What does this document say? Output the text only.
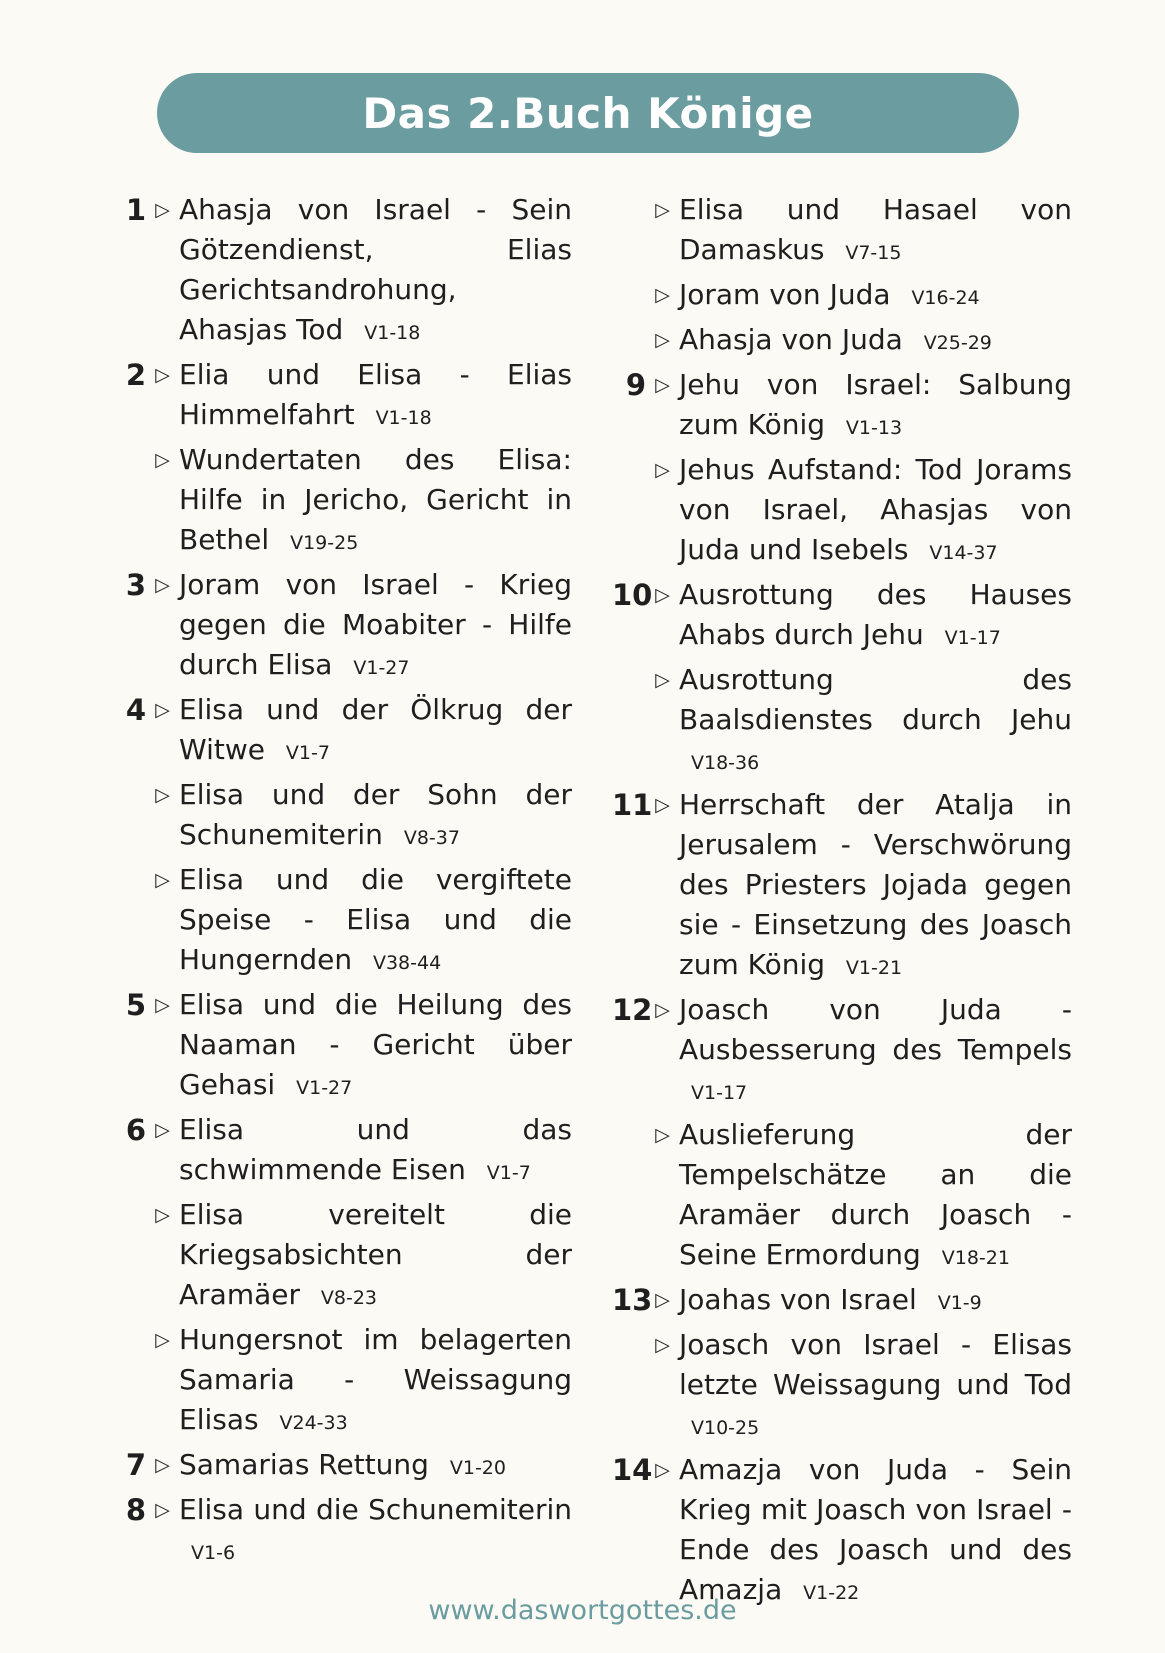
Das 2.Buch Könige
1 ▷ Ahasja von Israel - Sein Götzendienst, Elias Gerichtsandrohung, Ahasjas Tod V1-18
2 ▷ Elia und Elisa - Elias Himmelfahrt V1-18
▷ Wundertaten des Elisa: Hilfe in Jericho, Gericht in Bethel V19-25
3 ▷ Joram von Israel - Krieg gegen die Moabiter - Hilfe durch Elisa V1-27
4 ▷ Elisa und der Ölkrug der Witwe V1-7
▷ Elisa und der Sohn der Schunemiterin V8-37
▷ Elisa und die vergiftete Speise - Elisa und die Hungernden V38-44
5 ▷ Elisa und die Heilung des Naaman - Gericht über Gehasi V1-27
6 ▷ Elisa und das schwimmende Eisen V1-7
▷ Elisa vereitelt die Kriegsabsichten der Aramäer V8-23
▷ Hungersnot im belagerten Samaria - Weissagung Elisas V24-33
7 ▷ Samarias Rettung V1-20
8 ▷ Elisa und die Schunemiterin V1-6
▷ Elisa und Hasael von Damaskus V7-15
▷ Joram von Juda V16-24
▷ Ahasja von Juda V25-29
9 ▷ Jehu von Israel: Salbung zum König V1-13
▷ Jehus Aufstand: Tod Jorams von Israel, Ahasjas von Juda und Isebels V14-37
10 ▷ Ausrottung des Hauses Ahabs durch Jehu V1-17
▷ Ausrottung des Baalsdienstes durch Jehu V18-36
11 ▷ Herrschaft der Atalja in Jerusalem - Verschwörung des Priesters Jojada gegen sie - Einsetzung des Joasch zum König V1-21
12 ▷ Joasch von Juda - Ausbesserung des Tempels V1-17
▷ Auslieferung der Tempelschätze an die Aramäer durch Joasch - Seine Ermordung V18-21
13 ▷ Joahas von Israel V1-9
▷ Joasch von Israel - Elisas letzte Weissagung und Tod V10-25
14 ▷ Amazja von Juda - Sein Krieg mit Joasch von Israel - Ende des Joasch und des Amazja V1-22
www.daswortgottes.de
